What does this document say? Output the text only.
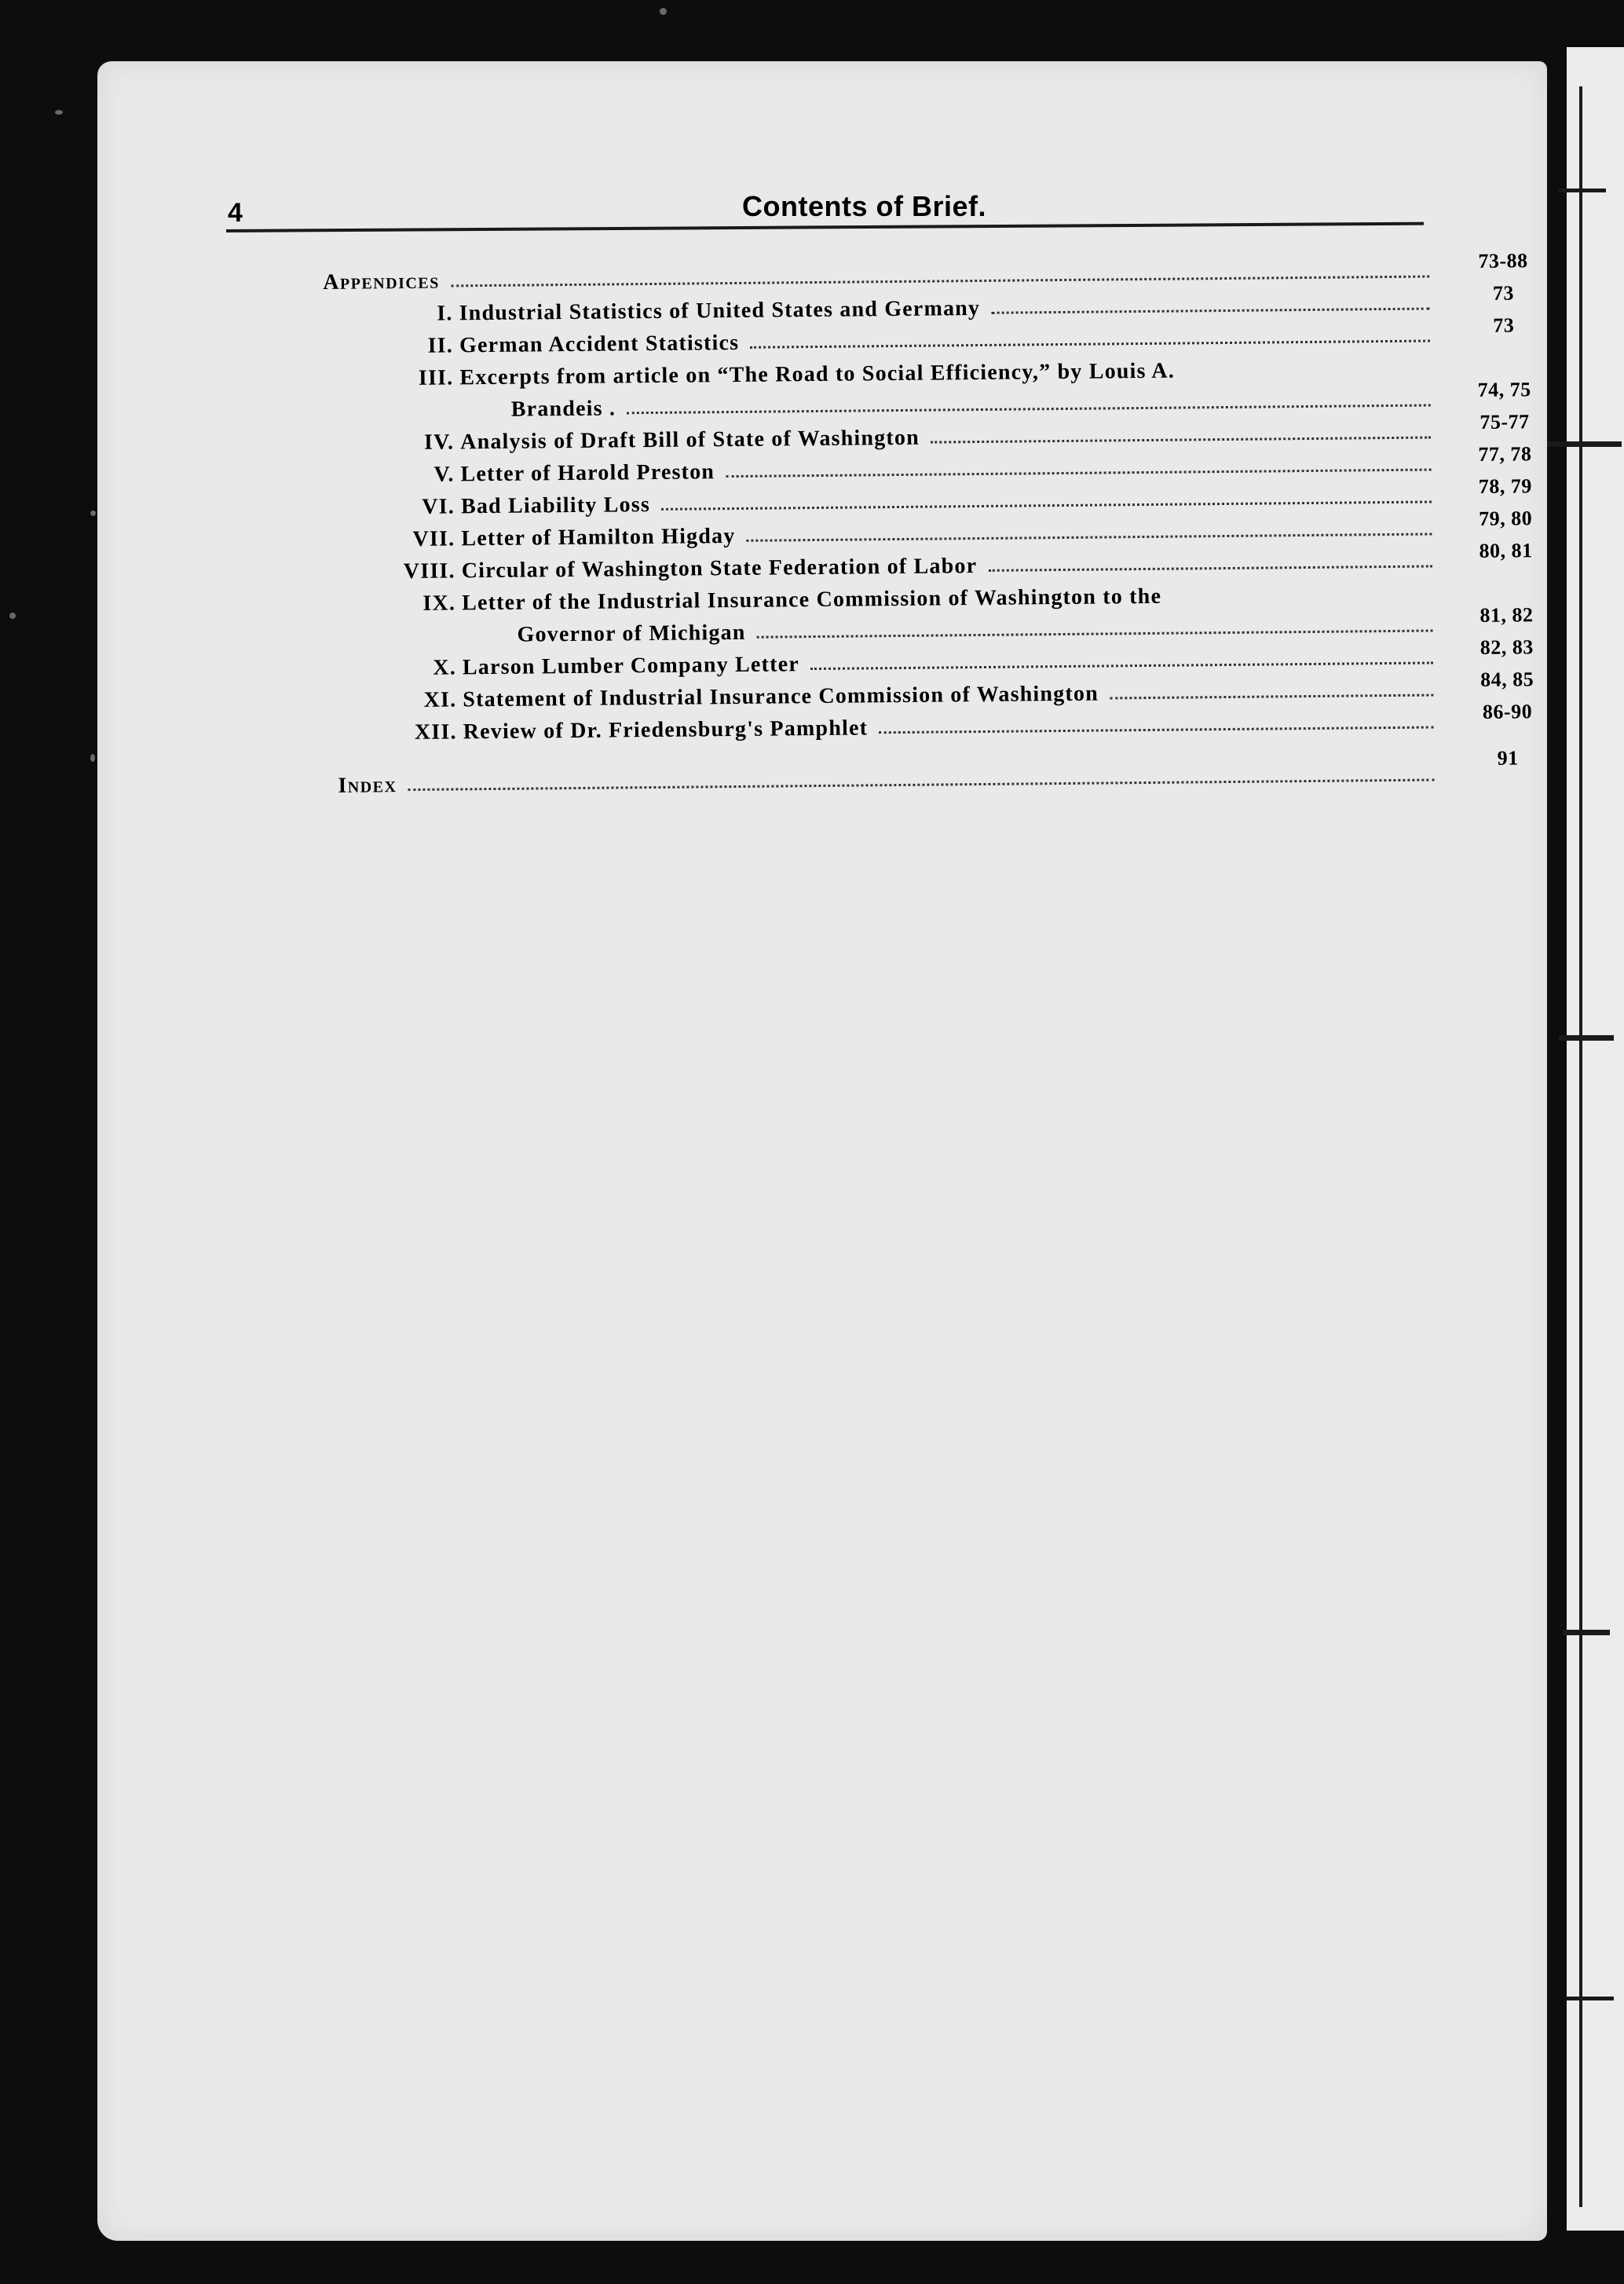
4	Contents of Brief.
Appendices
73-88
I. Industrial Statistics of United States and Germany
73
II. German Accident Statistics
73
III. Excerpts from article on “The Road to Social Efficiency,” by Louis A.
Brandeis .
74, 75
IV. Analysis of Draft Bill of State of Washington
75-77
V. Letter of Harold Preston
77, 78
VI. Bad Liability Loss
78, 79
VII. Letter of Hamilton Higday
79, 80
VIII. Circular of Washington State Federation of Labor
80, 81
IX. Letter of the Industrial Insurance Commission of Washington to the
Governor of Michigan
81, 82
X. Larson Lumber Company Letter
82, 83
XI. Statement of Industrial Insurance Commission of Washington
84, 85
XII. Review of Dr. Friedensburg's Pamphlet
86-90
Index
91
